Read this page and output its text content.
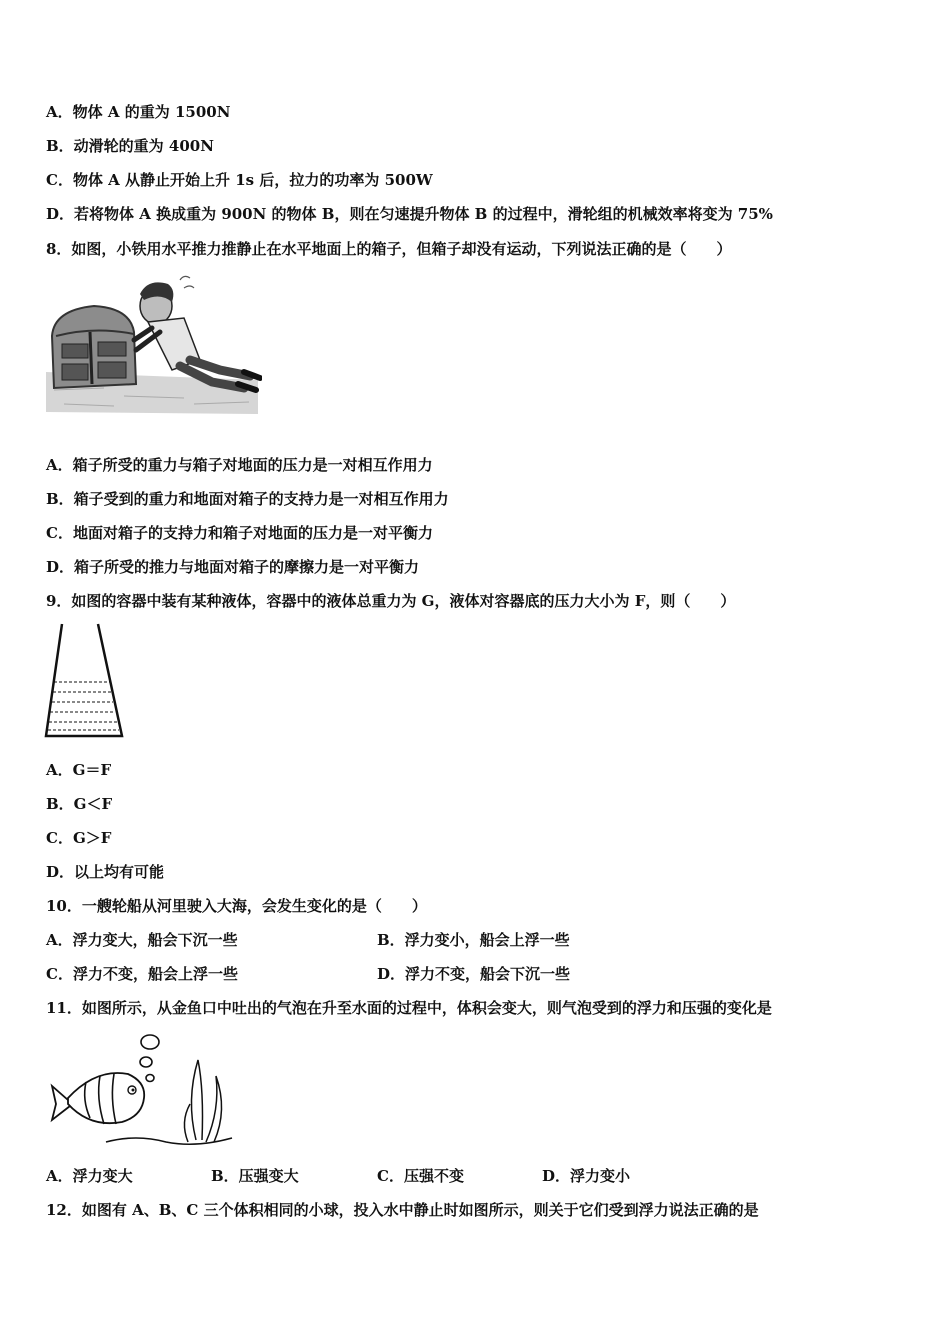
A．物体 A 的重为 1500N
B．动滑轮的重为 400N
C．物体 A 从静止开始上升 1s 后，拉力的功率为 500W
D．若将物体 A 换成重为 900N 的物体 B，则在匀速提升物体 B 的过程中，滑轮组的机械效率将变为 75%
8．如图，小铁用水平推力推静止在水平地面上的箱子，但箱子却没有运动，下列说法正确的是（　　）
A．箱子所受的重力与箱子对地面的压力是一对相互作用力
B．箱子受到的重力和地面对箱子的支持力是一对相互作用力
C．地面对箱子的支持力和箱子对地面的压力是一对平衡力
D．箱子所受的推力与地面对箱子的摩擦力是一对平衡力
9．如图的容器中装有某种液体，容器中的液体总重力为 G，液体对容器底的压力大小为 F，则（　　）
A．G＝F
B．G＜F
C．G＞F
D．以上均有可能
10．一艘轮船从河里驶入大海，会发生变化的是（　　）
A．浮力变大，船会下沉一些	B．浮力变小，船会上浮一些
C．浮力不变，船会上浮一些	D．浮力不变，船会下沉一些
11．如图所示，从金鱼口中吐出的气泡在升至水面的过程中，体积会变大，则气泡受到的浮力和压强的变化是
A．浮力变大	B．压强变大	C．压强不变	D．浮力变小
12．如图有 A、B、C 三个体积相同的小球，投入水中静止时如图所示，则关于它们受到浮力说法正确的是
